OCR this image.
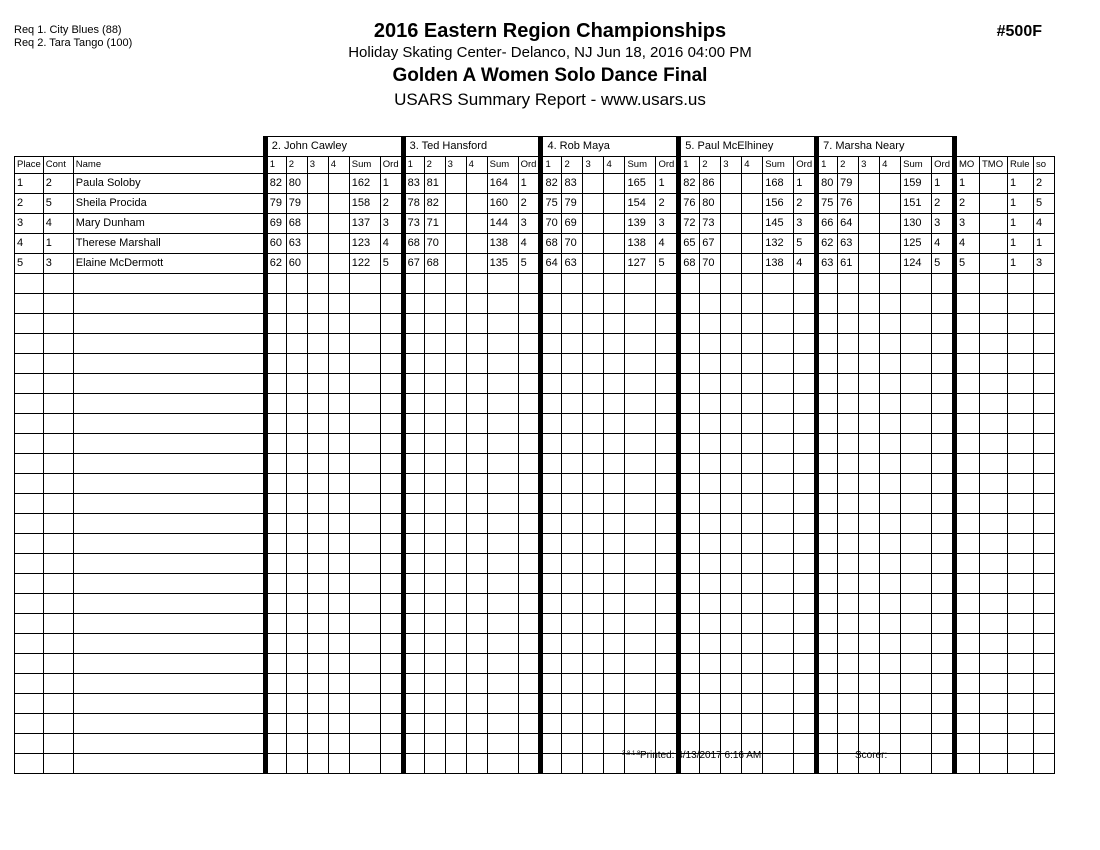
Req 1. City Blues (88)
Req 2. Tara Tango (100)
2016 Eastern Region Championships
Holiday Skating Center- Delanco, NJ Jun 18, 2016 04:00 PM
Golden A Women Solo Dance Final
USARS Summary Report - www.usars.us
#500F
			2. John Cawley						3. Ted Hansford						4. Rob Maya						5. Paul McElhiney						7. Marsha Neary									
Place	Cont	Name	1	2	3	4	Sum	Ord	1	2	3	4	Sum	Ord	1	2	3	4	Sum	Ord	1	2	3	4	Sum	Ord	1	2	3	4	Sum	Ord	MO	TMO	Rule	so
1	2	Paula Soloby	82	80			162	1	83	81			164	1	82	83			165	1	82	86			168	1	80	79			159	1	1		1	2
2	5	Sheila Procida	79	79			158	2	78	82			160	2	75	79			154	2	76	80			156	2	75	76			151	2	2		1	5
3	4	Mary Dunham	69	68			137	3	73	71			144	3	70	69			139	3	72	73			145	3	66	64			130	3	3		1	4
4	1	Therese Marshall	60	63			123	4	68	70			138	4	68	70			138	4	65	67			132	5	62	63			125	4	4		1	1
5	3	Elaine McDermott	62	60			122	5	67	68			135	5	64	63			127	5	68	70			138	4	63	61			124	5	5		1	3

3.8.1.8 Printed: 4/13/2017 6:16 AM	Scorer:
